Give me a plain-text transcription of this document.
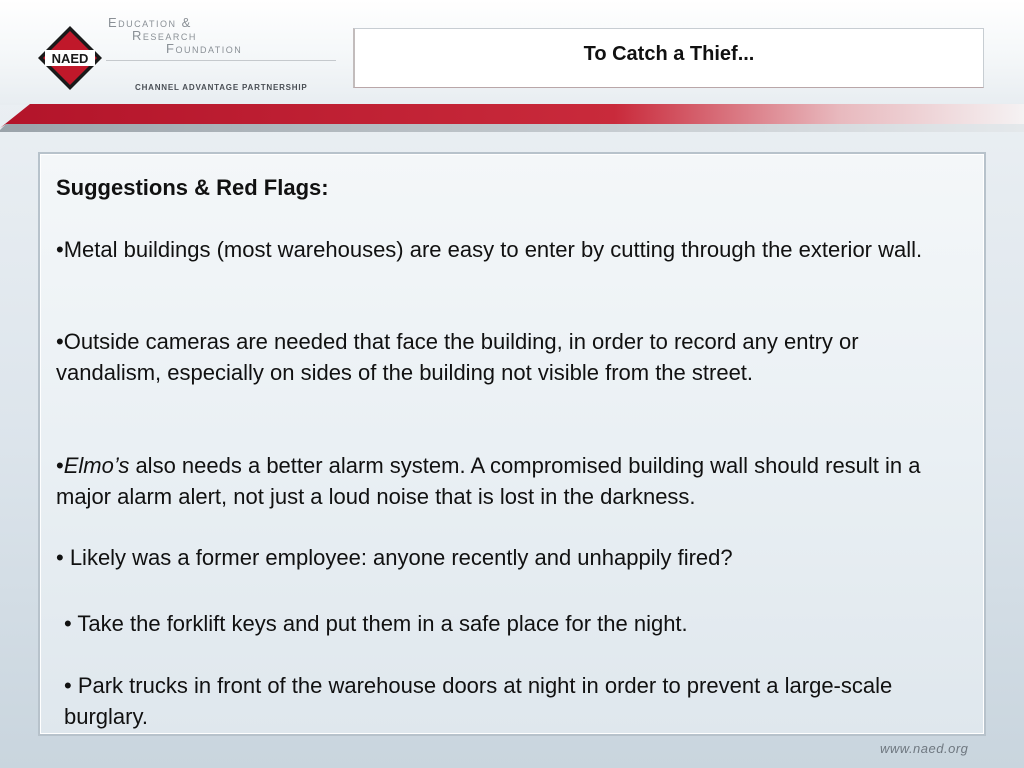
NAED
Education &
Research
Foundation
CHANNEL ADVANTAGE PARTNERSHIP
To Catch a Thief...
Suggestions & Red Flags:
•Metal buildings (most warehouses) are easy to enter by cutting through the exterior wall.
•Outside cameras are needed that face the building, in order to record any entry or vandalism, especially on sides of the building not visible from the street.
•Elmo’s also needs a better alarm system. A compromised building wall should result in a major alarm alert, not just a loud noise that is lost in the darkness.
• Likely was a former employee: anyone recently and unhappily fired?
• Take the forklift keys and put them in a safe place for the night.
• Park trucks in front of the warehouse doors at night in order to prevent a large-scale burglary.
www.naed.org
